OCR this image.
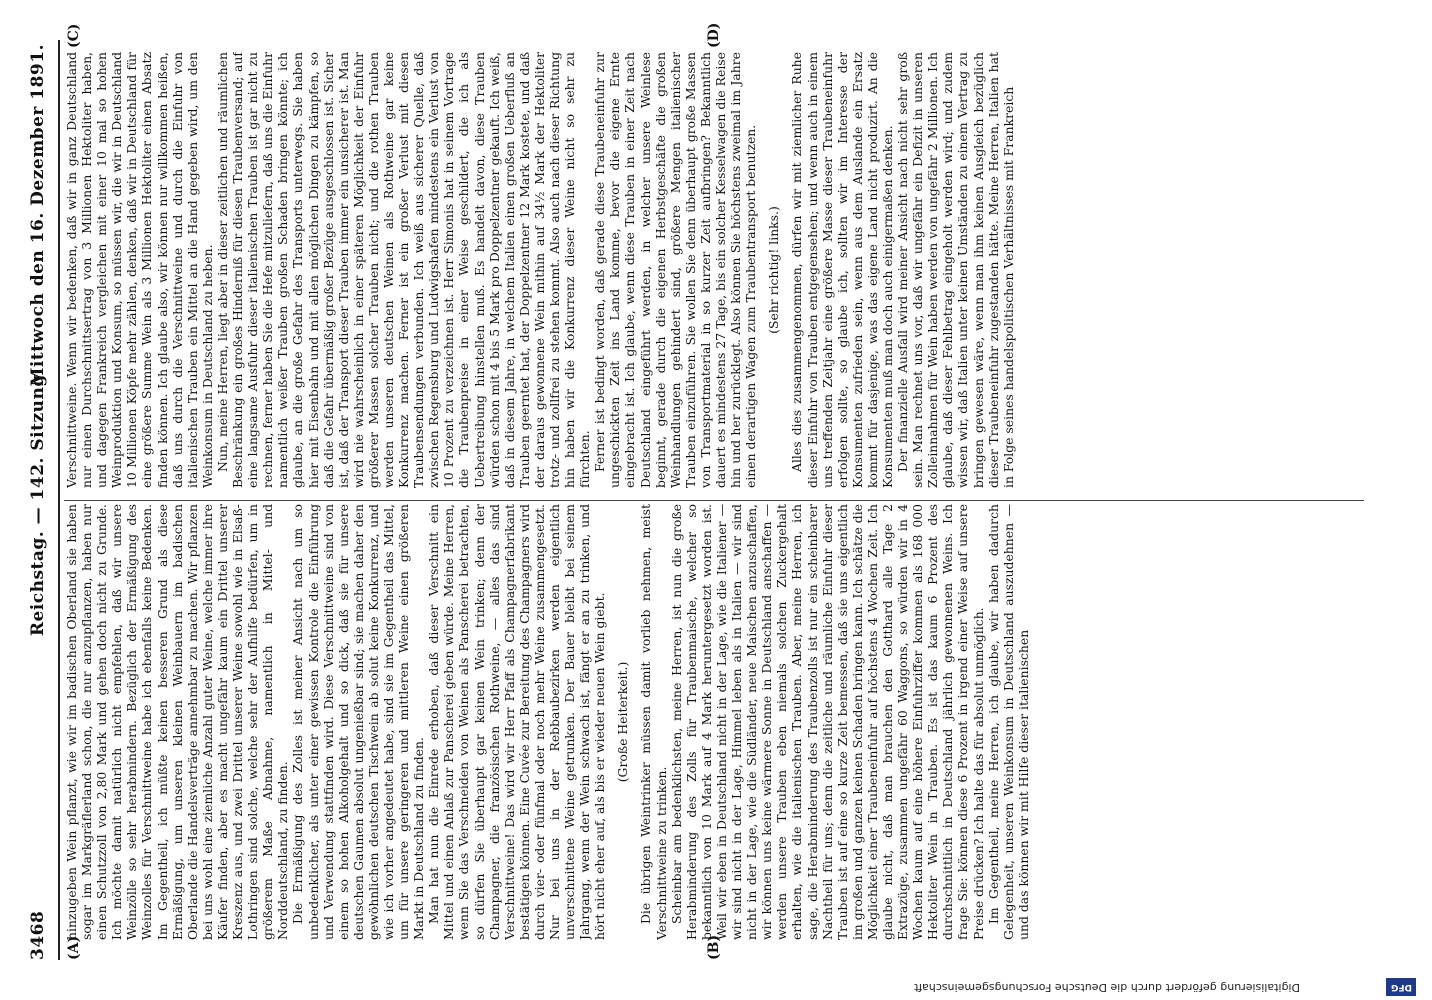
3468
Reichstag. — 142. Sitzung.
Mittwoch den 16. Dezember 1891.
(A)	(B)
(C)	(D)

hinzugeben Wein pflanzt, wie wir im badischen Oberland sie haben sogar im Markgräflerland schon, die nur anzupflanzen, haben nur einen Schutzzoll von 2,80 Mark und gehen doch nicht zu Grunde. Ich möchte damit natürlich nicht empfehlen, daß wir unsere Weinzölle so sehr herabmindern. Bezüglich der Ermäßigung des Weinzolles für Verschnittweine habe ich ebenfalls keine Bedenken. Im Gegentheil, ich müßte keinen besseren Grund als diese Ermäßigung, um unseren kleinen Weinbauern im badischen Oberlande die Handelsverträge annehmbar zu machen. Wir pflanzen bei uns wohl eine ziemliche Anzahl guter Weine, welche immer ihre Käufer finden, aber es macht ungefähr kaum ein Drittel unserer Kreszenz aus, und zwei Drittel unserer Weine sowohl wie in Elsaß-Lothringen sind solche, welche sehr der Aufhilfe bedürfen, um in größerem Maße Abnahme, namentlich in Mittel- und Norddeutschland, zu finden. Die Ermäßigung des Zolles ist meiner Ansicht nach um so unbedenklicher, als unter einer gewissen Kontrole die Einführung und Verwendung stattfinden wird. Diese Verschnittweine sind von einem so hohen Alkoholgehalt und so dick, daß sie für unsere deutschen Gaumen absolut ungenießbar sind; sie machen daher den gewöhnlichen deutschen Tischwein ab solut keine Konkurrenz, und wie ich vorher angedeutet habe, sind sie im Gegentheil das Mittel, um für unsere geringeren und mittleren Weine einen größeren Markt in Deutschland zu finden. Man hat nun die Einrede erhoben, daß dieser Verschnitt ein Mittel und einen Anlaß zur Panscherei geben würde. Meine Herren, wenn Sie das Verschneiden von Weinen als Panscherei betrachten, so dürfen Sie überhaupt gar keinen Wein trinken; denn der Champagner, die französischen Rothweine, — alles das sind Verschnittweine! Das wird wir Herr Pfaff als Champagnerfabrikant bestätigen können. Eine Cuvée zur Bereitung des Champagners wird durch vier- oder fünfmal oder noch mehr Weine zusammengesetzt. Nur bei uns in der Rebbaubezirken werden eigentlich unverschnittene Weine getrunken. Der Bauer bleibt bei seinem Jahrgang, wenn der Wein schwach ist, fängt er an zu trinken, und hört nicht eher auf, als bis er wieder neuen Wein giebt. (Große Heiterkeit.) Die übrigen Weintrinker müssen damit vorlieb nehmen, meist Verschnittweine zu trinken. Scheinbar am bedenklichsten, meine Herren, ist nun die große Herabminderung des Zolls für Traubenmaische, welcher so bekanntlich von 10 Mark auf 4 Mark heruntergesetzt worden ist. Weil wir eben in Deutschland nicht in der Lage, wie die Italiener — wir sind nicht in der Lage, Himmel leben als in Italien — wir sind nicht in der Lage, wie die Südländer, neue Maischen anzuschaffen, wir können uns keine wärmere Sonne in Deutschland anschaffen — werden unsere Trauben eben niemals solchen Zuckergehalt erhalten, wie die italienischen Trauben. Aber, meine Herren, ich sage, die Herabminderung des Traubenzolls ist nur ein scheinbarer Nachtheil für uns; denn die zeitliche und räumliche Einfuhr dieser Trauben ist auf eine so kurze Zeit bemessen, daß sie uns eigentlich im großen und ganzen keinen Schaden bringen kann. Ich schätze die Möglichkeit einer Traubeneinfuhr auf höchstens 4 Wochen Zeit. Ich glaube nicht, daß man brauchen den Gotthard alle Tage 2 Extrazüge, zusammen ungefähr 60 Waggons, so würden wir in 4 Wochen kaum auf eine höhere Einfuhrziffer kommen als 168 000 Hektoliter Wein in Trauben. Es ist das kaum 6 Prozent des durchschnittlich in Deutschland jährlich gewonnenen Weins. Ich frage Sie: können diese 6 Prozent in irgend einer Weise auf unsere Preise drücken? Ich halte das für absolut unmöglich. Im Gegentheil, meine Herren, ich glaube, wir haben dadurch Gelegenheit, unseren Weinkonsum in Deutschland auszudehnen — und das können wir mit Hilfe dieser italienischen

Verschnittweine. Wenn wir bedenken, daß wir in ganz Deutschland nur einen Durchschnittsertrag von 3 Millionen Hektoliter haben, und dagegen Frankreich vergleichen mit einer 10 mal so hohen Weinproduktion und Konsum, so müssen wir, die wir in Deutschland 10 Millionen Köpfe mehr zählen, denken, daß wir in Deutschland für eine größere Summe Wein als 3 Millionen Hektoliter einen Absatz finden können. Ich glaube also, wir können nur willkommen heißen, daß uns durch die Verschnittweine und durch die Einfuhr von italienischen Trauben ein Mittel an die Hand gegeben wird, um den Weinkonsum in Deutschland zu heben. Nun, meine Herren, liegt aber in dieser zeitlichen und räumlichen Beschränkung ein großes Hinderniß für diesen Traubenversand; auf eine langsame Ausfuhr dieser italienischen Trauben ist gar nicht zu rechnen, ferner haben Sie die Hefe mitzuliefern, daß uns die Einfuhr namentlich weißer Trauben großen Schaden bringen könnte; ich glaube, an die große Gefahr des Transports unterwegs. Sie haben hier mit Eisenbahn und mit allen möglichen Dingen zu kämpfen, so daß die Gefahr übermäßig großer Bezüge ausgeschlossen ist. Sicher ist, daß der Transport dieser Trauben immer ein unsicherer ist. Man wird nie wahrscheinlich in einer späteren Möglichkeit der Einfuhr größerer Massen solcher Trauben nicht; und die rothen Trauben werden unseren deutschen Weinen als Rothweine gar keine Konkurrenz machen. Ferner ist ein großer Verlust mit diesen Traubensendungen verbunden. Ich weiß aus sicherer Quelle, daß zwischen Regensburg und Ludwigshafen mindestens ein Verlust von 10 Prozent zu verzeichnen ist. Herr Simonis hat in seinem Vortrage die Traubenpreise in einer Weise geschildert, die ich als Uebertreibung hinstellen muß. Es handelt davon, diese Trauben würden schon mit 4 bis 5 Mark pro Doppelzentner gekauft. Ich weiß, daß in diesem Jahre, in welchem Italien einen großen Ueberfluß an Trauben geerntet hat, der Doppelzentner 12 Mark kostete, und daß der daraus gewonnene Wein mithin auf 34½ Mark der Hektoliter trotz- und zollfrei zu stehen kommt. Also auch nach dieser Richtung hin haben wir die Konkurrenz dieser Weine nicht so sehr zu fürchten. Ferner ist bedingt worden, daß gerade diese Traubeneinfuhr zur ungeschickten Zeit ins Land komme, bevor die eigene Ernte eingebracht ist. Ich glaube, wenn diese Trauben in einer Zeit nach Deutschland eingeführt werden, in welcher unsere Weinlese beginnt, gerade durch die eigenen Herbstgeschäfte die großen Weinhandlungen gehindert sind, größere Mengen italienischer Trauben einzuführen. Sie wollen Sie denn überhaupt große Massen von Transportmaterial in so kurzer Zeit aufbringen? Bekanntlich dauert es mindestens 27 Tage, bis ein solcher Kesselwagen die Reise hin und her zurücklegt. Also können Sie höchstens zweimal im Jahre einen derartigen Wagen zum Traubentransport benutzen. (Sehr richtig! links.) Alles dies zusammengenommen, dürfen wir mit ziemlicher Ruhe dieser Einfuhr von Trauben entgegensehen; und wenn auch in einem uns treffenden Zeitjahr eine größere Masse dieser Traubeneinfuhr erfolgen sollte, so glaube ich, sollten wir im Interesse der Konsumenten zufrieden sein, wenn aus dem Auslande ein Ersatz kommt für dasjenige, was das eigene Land nicht produzirt. An die Konsumenten muß man doch auch einigermaßen denken. Der finanzielle Ausfall wird meiner Ansicht nach nicht sehr groß sein. Man rechnet uns vor, daß wir ungefähr ein Defizit in unseren Zolleinnahmen für Wein haben werden von ungefähr 2 Millionen. Ich glaube, daß dieser Fehlbetrag eingeholt werden wird; und zudem wissen wir, daß Italien unter keinen Umständen zu einem Vertrag zu bringen gewesen wäre, wenn man ihm keinen Ausgleich bezüglich dieser Traubeneinfuhr zugestanden hätte. Meine Herren, Italien hat in Folge seines handelspolitischen Verhältnisses mit Frankreich

Digitalisierung gefördert durch die Deutsche Forschungsgemeinschaft	DFG
